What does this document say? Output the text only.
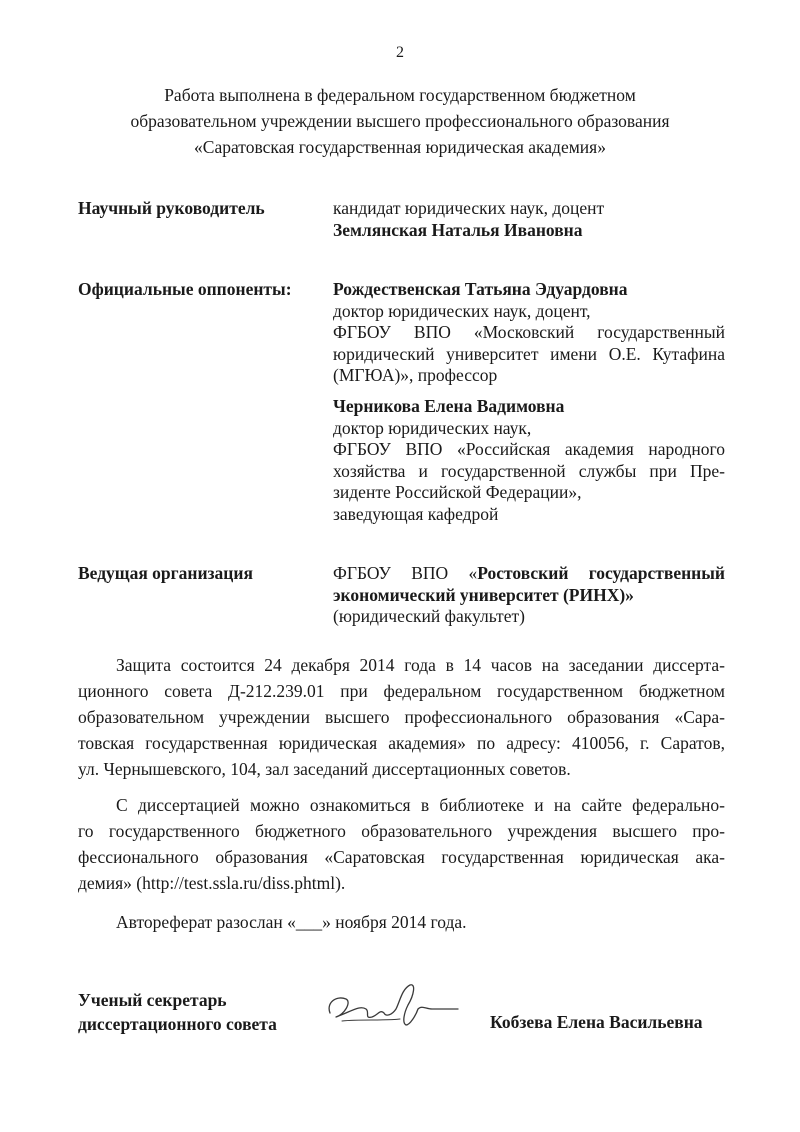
2
Работа выполнена в федеральном государственном бюджетном
образовательном учреждении высшего профессионального образования
«Саратовская государственная юридическая академия»
Научный руководитель	кандидат юридических наук, доцент
Землянская Наталья Ивановна
Официальные оппоненты: Рождественская Татьяна Эдуардовна
доктор юридических наук, доцент,
ФГБОУ ВПО «Московский государственный
юридический университет имени О.Е. Кутафина
(МГЮА)», профессор
Черникова Елена Вадимовна
доктор юридических наук,
ФГБОУ ВПО «Российская академия народного
хозяйства и государственной службы при Пре-
зиденте Российской Федерации»,
заведующая кафедрой
Ведущая организация	ФГБОУ ВПО «Ростовский государственный
экономический университет (РИНХ)»
(юридический факультет)
Защита состоится 24 декабря 2014 года в 14 часов на заседании диссерта-
ционного совета Д-212.239.01 при федеральном государственном бюджетном
образовательном учреждении высшего профессионального образования «Сара-
товская государственная юридическая академия» по адресу: 410056, г. Саратов,
ул. Чернышевского, 104, зал заседаний диссертационных советов.
С диссертацией можно ознакомиться в библиотеке и на сайте федерально-
го государственного бюджетного образовательного учреждения высшего про-
фессионального образования «Саратовская государственная юридическая ака-
демия» (http://test.ssla.ru/diss.phtml).
Автореферат разослан «___» ноября 2014 года.
Ученый секретарь
диссертационного совета	Кобзева Елена Васильевна
